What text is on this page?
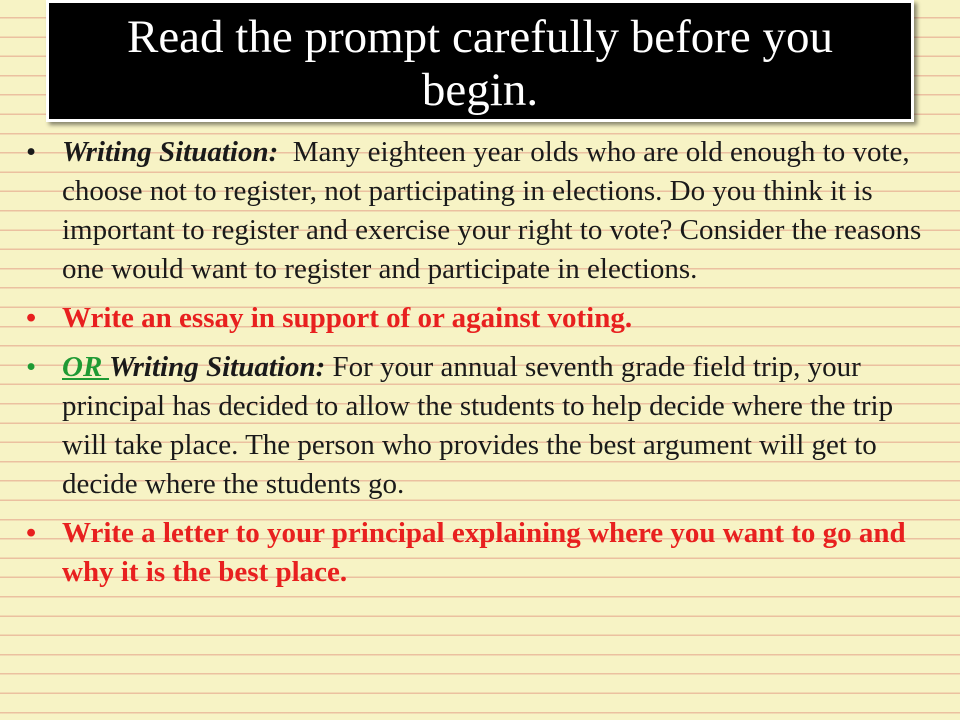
Read the prompt carefully before you begin.
• Writing Situation: Many eighteen year olds who are old enough to vote, choose not to register, not participating in elections. Do you think it is important to register and exercise your right to vote? Consider the reasons one would want to register and participate in elections.
• Write an essay in support of or against voting.
• OR Writing Situation: For your annual seventh grade field trip, your principal has decided to allow the students to help decide where the trip will take place. The person who provides the best argument will get to decide where the students go.
• Write a letter to your principal explaining where you want to go and why it is the best place.
